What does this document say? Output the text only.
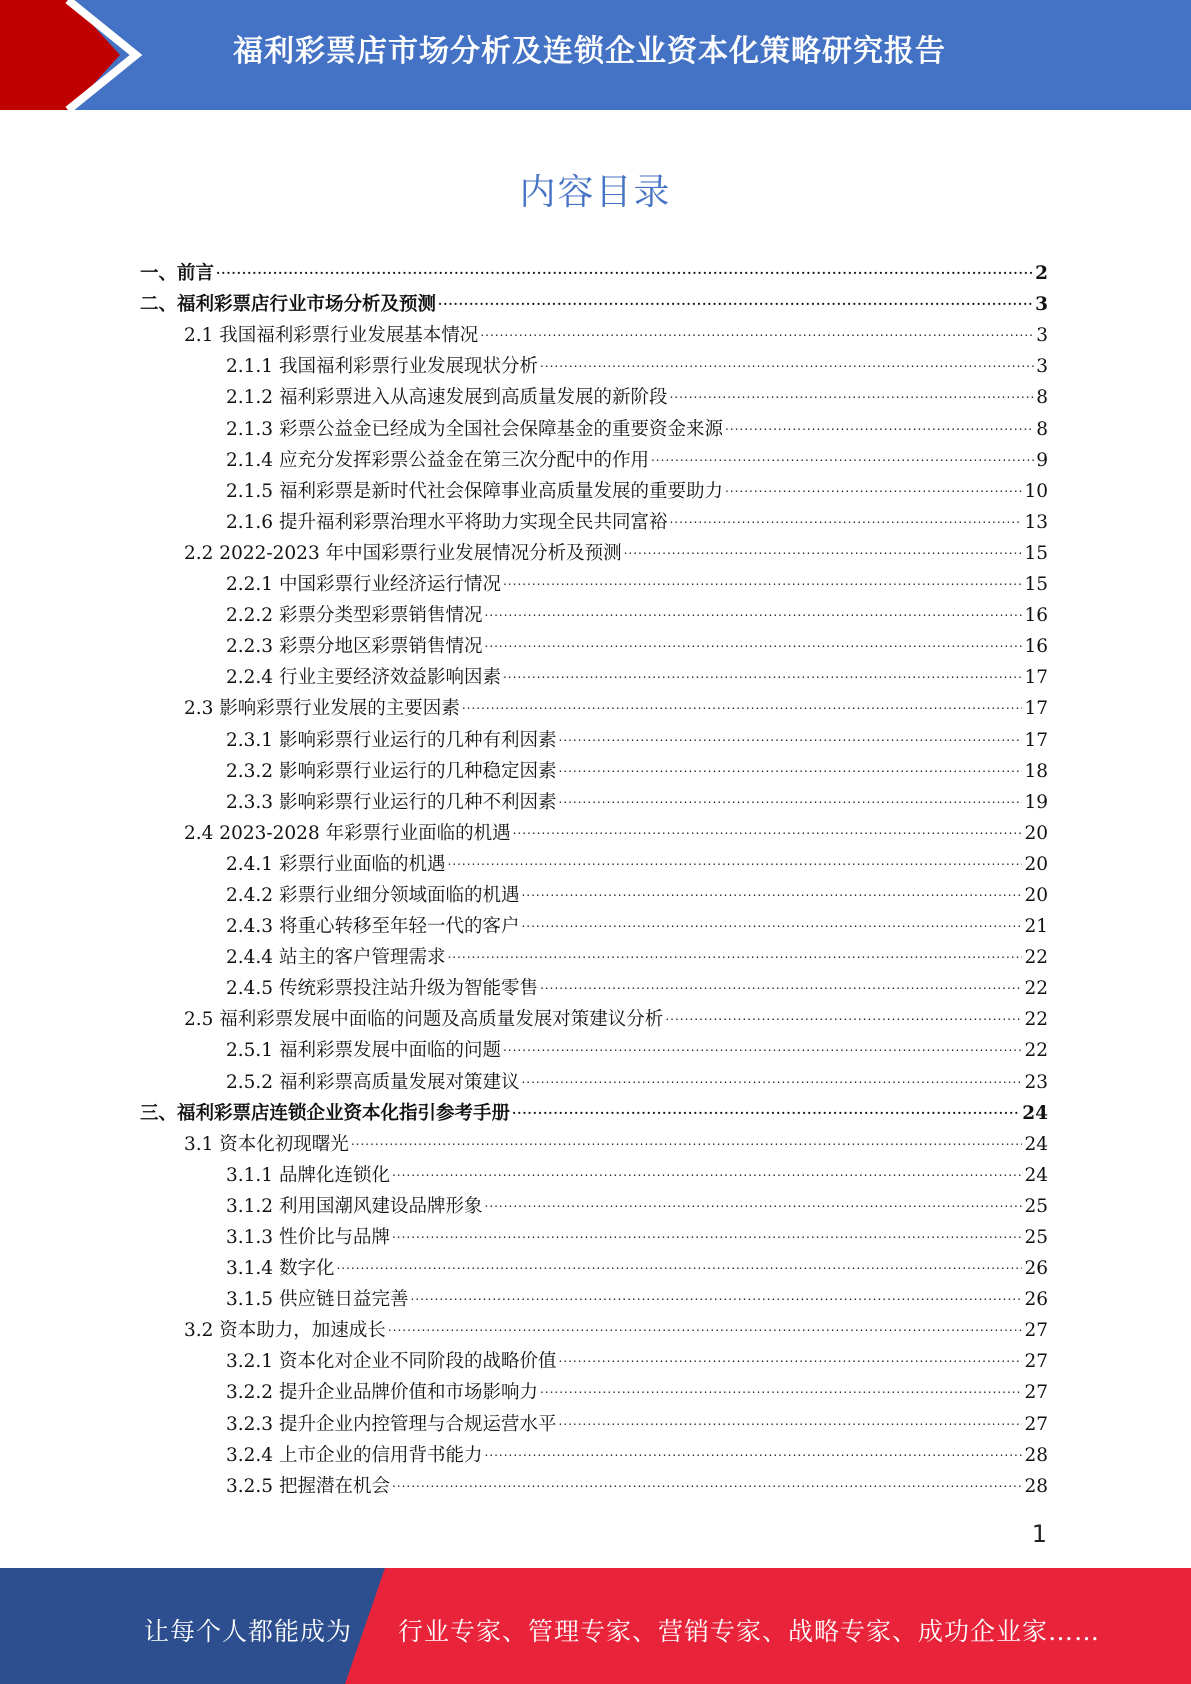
福利彩票店市场分析及连锁企业资本化策略研究报告
内容目录
一、前言 .....	2
二、福利彩票店行业市场分析及预测 .....	3
2.1 我国福利彩票行业发展基本情况 .....	3
2.1.1 我国福利彩票行业发展现状分析 .....	3
2.1.2 福利彩票进入从高速发展到高质量发展的新阶段 .....	8
2.1.3 彩票公益金已经成为全国社会保障基金的重要资金来源 .....	8
2.1.4 应充分发挥彩票公益金在第三次分配中的作用 .....	9
2.1.5 福利彩票是新时代社会保障事业高质量发展的重要助力 .....	10
2.1.6 提升福利彩票治理水平将助力实现全民共同富裕 .....	13
2.2 2022-2023 年中国彩票行业发展情况分析及预测 .....	15
2.2.1 中国彩票行业经济运行情况 .....	15
2.2.2 彩票分类型彩票销售情况 .....	16
2.2.3 彩票分地区彩票销售情况 .....	16
2.2.4 行业主要经济效益影响因素 .....	17
2.3 影响彩票行业发展的主要因素 .....	17
2.3.1 影响彩票行业运行的几种有利因素 .....	17
2.3.2 影响彩票行业运行的几种稳定因素 .....	18
2.3.3 影响彩票行业运行的几种不利因素 .....	19
2.4 2023-2028 年彩票行业面临的机遇 .....	20
2.4.1 彩票行业面临的机遇 .....	20
2.4.2 彩票行业细分领域面临的机遇 .....	20
2.4.3 将重心转移至年轻一代的客户 .....	21
2.4.4 站主的客户管理需求 .....	22
2.4.5 传统彩票投注站升级为智能零售 .....	22
2.5 福利彩票发展中面临的问题及高质量发展对策建议分析 .....	22
2.5.1 福利彩票发展中面临的问题 .....	22
2.5.2 福利彩票高质量发展对策建议 .....	23
三、福利彩票店连锁企业资本化指引参考手册 .....	24
3.1 资本化初现曙光 .....	24
3.1.1 品牌化连锁化 .....	24
3.1.2 利用国潮风建设品牌形象 .....	25
3.1.3 性价比与品牌 .....	25
3.1.4 数字化 .....	26
3.1.5 供应链日益完善 .....	26
3.2 资本助力，加速成长 .....	27
3.2.1 资本化对企业不同阶段的战略价值 .....	27
3.2.2 提升企业品牌价值和市场影响力 .....	27
3.2.3 提升企业内控管理与合规运营水平 .....	27
3.2.4 上市企业的信用背书能力 .....	28
3.2.5 把握潜在机会 .....	28
1
让每个人都能成为 行业专家、管理专家、营销专家、战略专家、成功企业家……
